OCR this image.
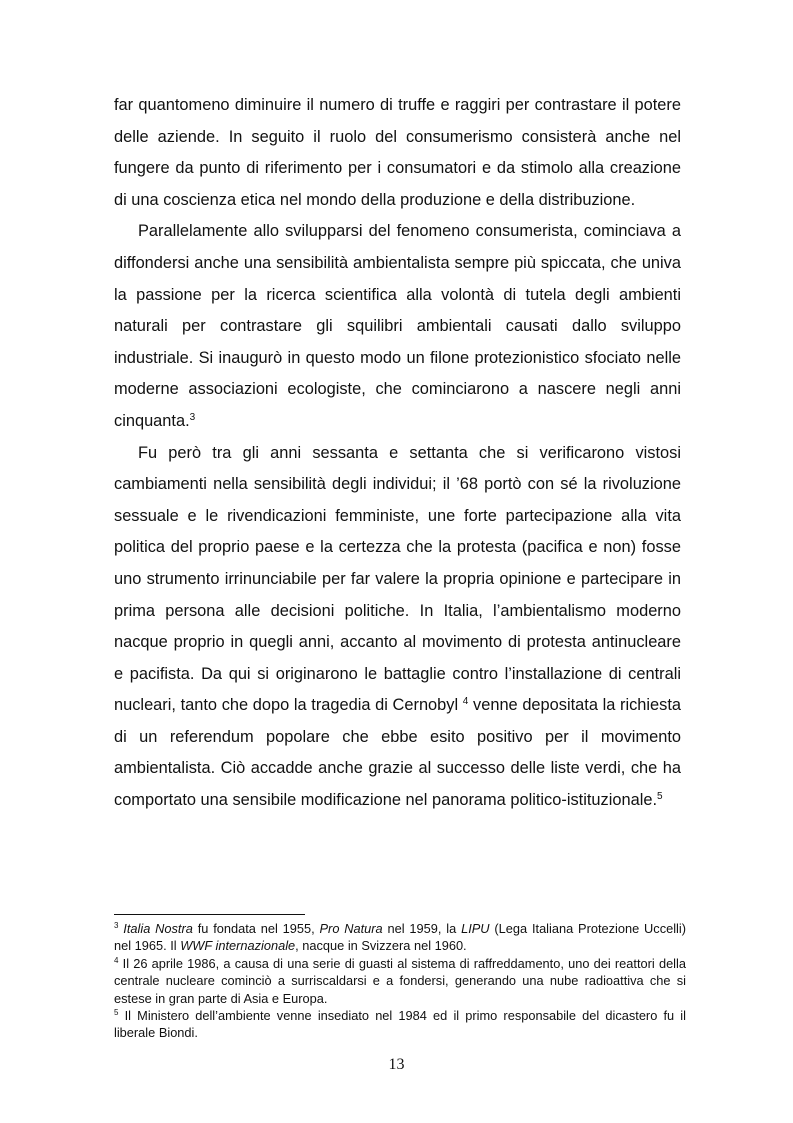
far quantomeno diminuire il numero di truffe e raggiri per contrastare il potere delle aziende. In seguito il ruolo del consumerismo consisterà anche nel fungere da punto di riferimento per i consumatori e da stimolo alla creazione di una coscienza etica nel mondo della produzione e della distribuzione.

Parallelamente allo svilupparsi del fenomeno consumerista, cominciava a diffondersi anche una sensibilità ambientalista sempre più spiccata, che univa la passione per la ricerca scientifica alla volontà di tutela degli ambienti naturali per contrastare gli squilibri ambientali causati dallo sviluppo industriale. Si inaugurò in questo modo un filone protezionistico sfociato nelle moderne associazioni ecologiste, che cominciarono a nascere negli anni cinquanta.$^3$

Fu però tra gli anni sessanta e settanta che si verificarono vistosi cambiamenti nella sensibilità degli individui; il ’68 portò con sé la rivoluzione sessuale e le rivendicazioni femministe, une forte partecipazione alla vita politica del proprio paese e la certezza che la protesta (pacifica e non) fosse uno strumento irrinunciabile per far valere la propria opinione e partecipare in prima persona alle decisioni politiche. In Italia, l’ambientalismo moderno nacque proprio in quegli anni, accanto al movimento di protesta antinucleare e pacifista. Da qui si originarono le battaglie contro l’installazione di centrali nucleari, tanto che dopo la tragedia di Cernobyl $^4$ venne depositata la richiesta di un referendum popolare che ebbe esito positivo per il movimento ambientalista. Ciò accadde anche grazie al successo delle liste verdi, che ha comportato una sensibile modificazione nel panorama politico-istituzionale.$^5$

$^3$ Italia Nostra fu fondata nel 1955, Pro Natura nel 1959, la LIPU (Lega Italiana Protezione Uccelli) nel 1965. Il WWF internazionale, nacque in Svizzera nel 1960.

$^4$ Il 26 aprile 1986, a causa di una serie di guasti al sistema di raffreddamento, uno dei reattori della centrale nucleare cominciò a surriscaldarsi e a fondersi, generando una nube radioattiva che si estese in gran parte di Asia e Europa.

$^5$ Il Ministero dell’ambiente venne insediato nel 1984 ed il primo responsabile del dicastero fu il liberale Biondi.

13
